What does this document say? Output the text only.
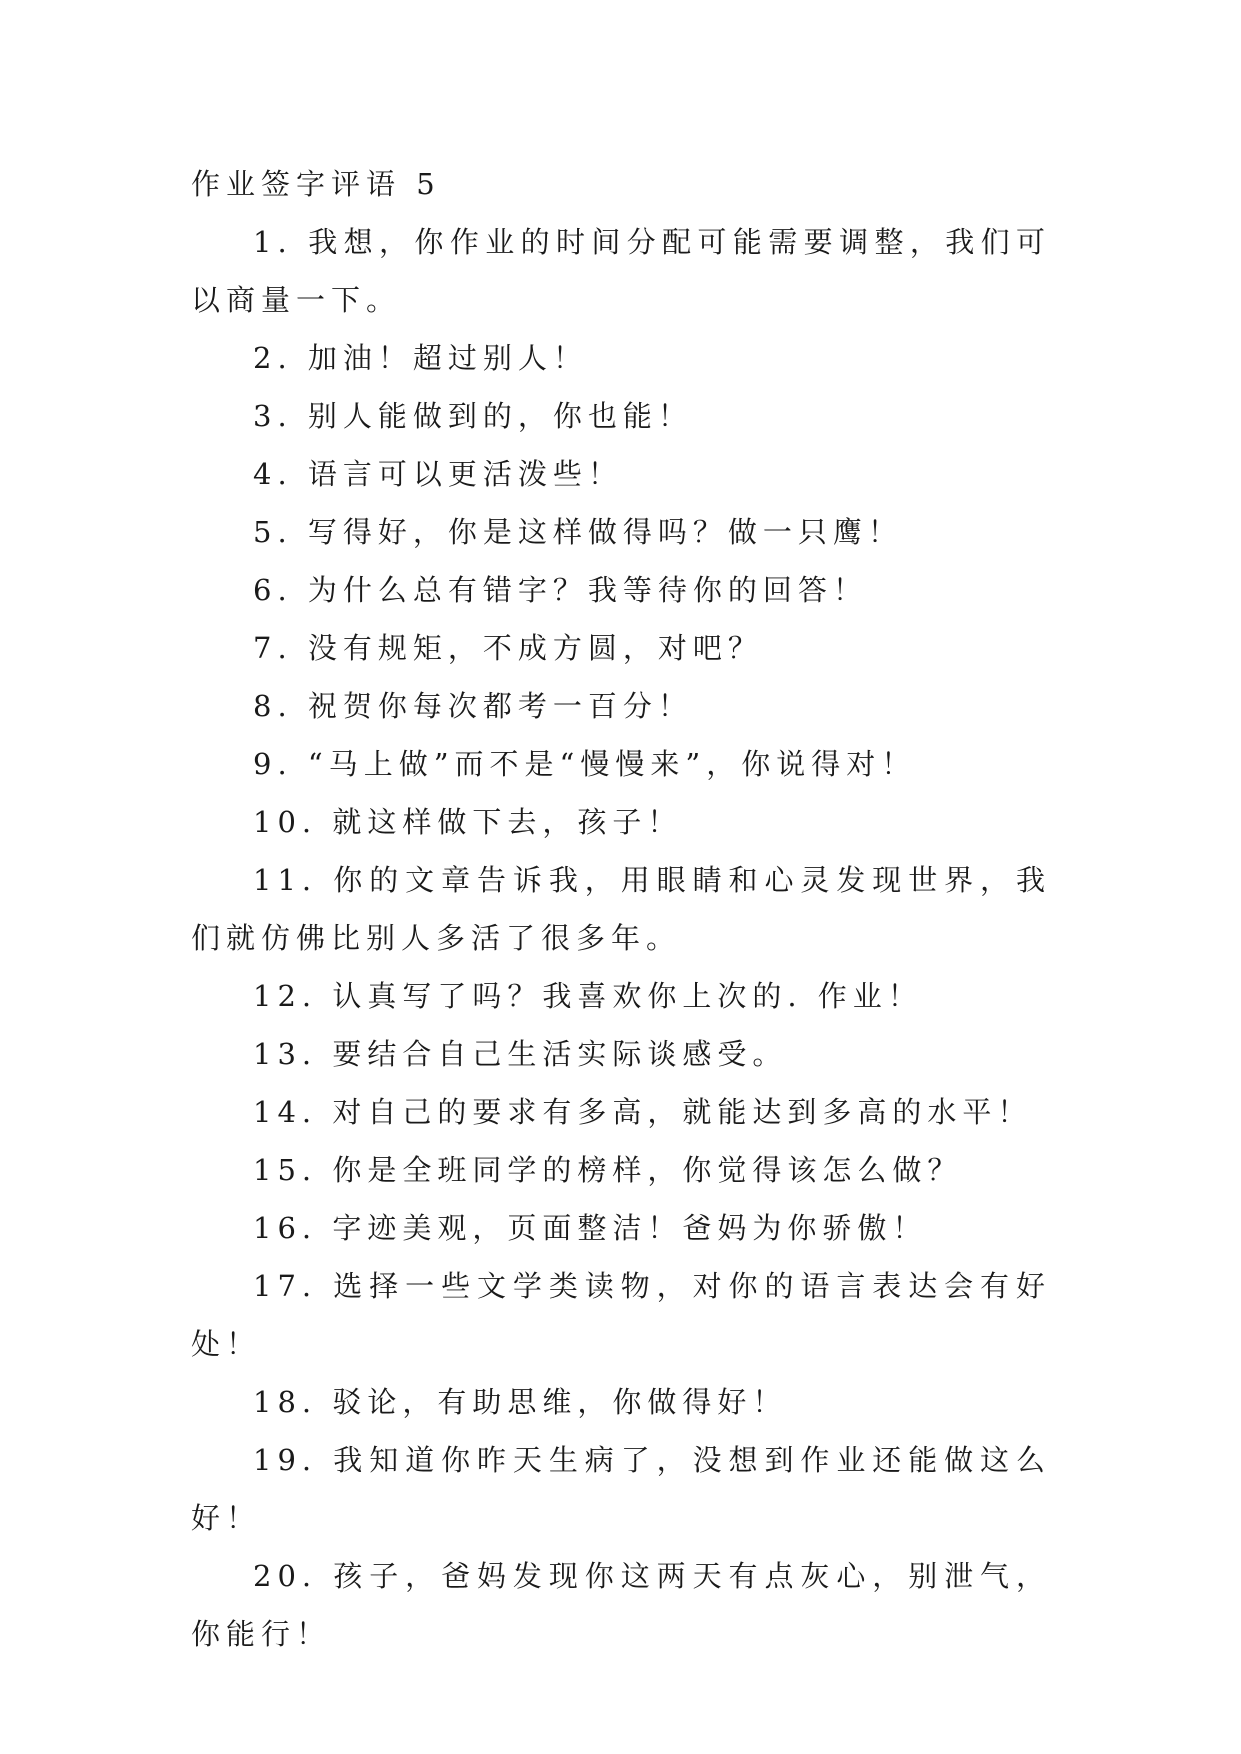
作业签字评语 5

1. 我想，你作业的时间分配可能需要调整，我们可以商量一下。

2. 加油！超过别人！

3. 别人能做到的，你也能！

4. 语言可以更活泼些！

5. 写得好，你是这样做得吗？做一只鹰！

6. 为什么总有错字？我等待你的回答！

7. 没有规矩，不成方圆，对吧？

8. 祝贺你每次都考一百分！

9. “马上做”而不是“慢慢来”，你说得对！

10. 就这样做下去，孩子！

11. 你的文章告诉我，用眼睛和心灵发现世界，我们就仿佛比别人多活了很多年。

12. 认真写了吗？我喜欢你上次的. 作业！

13. 要结合自己生活实际谈感受。

14. 对自己的要求有多高，就能达到多高的水平！

15. 你是全班同学的榜样，你觉得该怎么做？

16. 字迹美观，页面整洁！爸妈为你骄傲！

17. 选择一些文学类读物，对你的语言表达会有好处！

18. 驳论，有助思维，你做得好！

19. 我知道你昨天生病了，没想到作业还能做这么好！

20. 孩子，爸妈发现你这两天有点灰心，别泄气，你能行！
